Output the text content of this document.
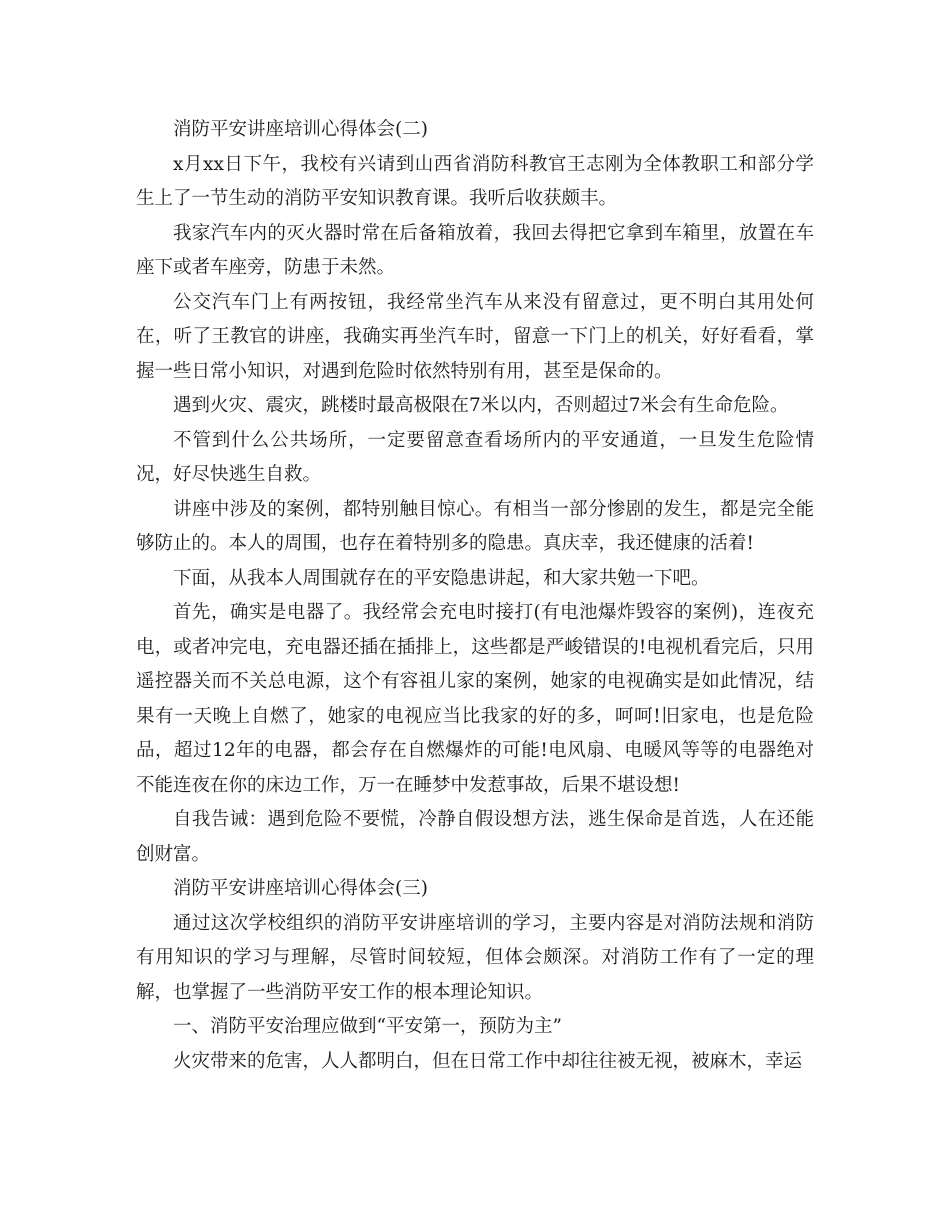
消防平安讲座培训心得体会(二)

x月xx日下午，我校有兴请到山西省消防科教官王志刚为全体教职工和部分学生上了一节生动的消防平安知识教育课。我听后收获颇丰。

我家汽车内的灭火器时常在后备箱放着，我回去得把它拿到车箱里，放置在车座下或者车座旁，防患于未然。

公交汽车门上有两按钮，我经常坐汽车从来没有留意过，更不明白其用处何在，听了王教官的讲座，我确实再坐汽车时，留意一下门上的机关，好好看看，掌握一些日常小知识，对遇到危险时依然特别有用，甚至是保命的。

遇到火灾、震灾，跳楼时最高极限在7米以内，否则超过7米会有生命危险。

不管到什么公共场所，一定要留意查看场所内的平安通道，一旦发生危险情况，好尽快逃生自救。

讲座中涉及的案例，都特别触目惊心。有相当一部分惨剧的发生，都是完全能够防止的。本人的周围，也存在着特别多的隐患。真庆幸，我还健康的活着!

下面，从我本人周围就存在的平安隐患讲起，和大家共勉一下吧。

首先，确实是电器了。我经常会充电时接打(有电池爆炸毁容的案例)，连夜充电，或者冲完电，充电器还插在插排上，这些都是严峻错误的!电视机看完后，只用遥控器关而不关总电源，这个有容祖儿家的案例，她家的电视确实是如此情况，结果有一天晚上自燃了，她家的电视应当比我家的好的多，呵呵!旧家电，也是危险品，超过12年的电器，都会存在自燃爆炸的可能!电风扇、电暖风等等的电器绝对不能连夜在你的床边工作，万一在睡梦中发惹事故，后果不堪设想!

自我告诫：遇到危险不要慌，冷静自假设想方法，逃生保命是首选，人在还能创财富。

消防平安讲座培训心得体会(三)

通过这次学校组织的消防平安讲座培训的学习，主要内容是对消防法规和消防有用知识的学习与理解，尽管时间较短，但体会颇深。对消防工作有了一定的理解，也掌握了一些消防平安工作的根本理论知识。

一、消防平安治理应做到“平安第一，预防为主”

火灾带来的危害，人人都明白，但在日常工作中却往往被无视，被麻木，幸运
